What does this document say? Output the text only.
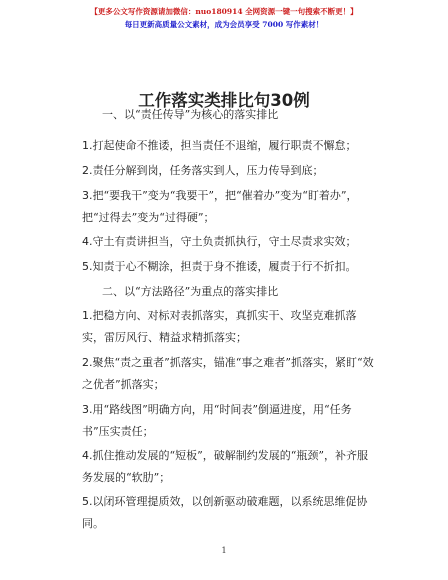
【更多公文写作资源请加微信：nuo180914 全网资源一键一句搜索不断更！】
每日更新高质量公文素材，成为会员享受 7000 写作素材！
工作落实类排比句30例

一、以“责任传导”为核心的落实排比

1.打起使命不推诿，担当责任不退缩，履行职责不懈怠；

2.责任分解到岗，任务落实到人，压力传导到底；

3.把“要我干”变为“我要干”，把“催着办”变为“盯着办”，把“过得去”变为“过得硬”；

4.守土有责讲担当，守土负责抓执行，守土尽责求实效；

5.知责于心不糊涂，担责于身不推诿，履责于行不折扣。

二、以“方法路径”为重点的落实排比

1.把稳方向、对标对表抓落实，真抓实干、攻坚克难抓落实，雷厉风行、精益求精抓落实；

2.聚焦“责之重者”抓落实，锚准“事之难者”抓落实，紧盯“效之优者”抓落实；

3.用“路线图”明确方向，用“时间表”倒逼进度，用“任务书”压实责任；

4.抓住推动发展的“短板”，破解制约发展的“瓶颈”，补齐服务发展的“软肋”；

5.以闭环管理提质效，以创新驱动破难题，以系统思维促协同。

1
